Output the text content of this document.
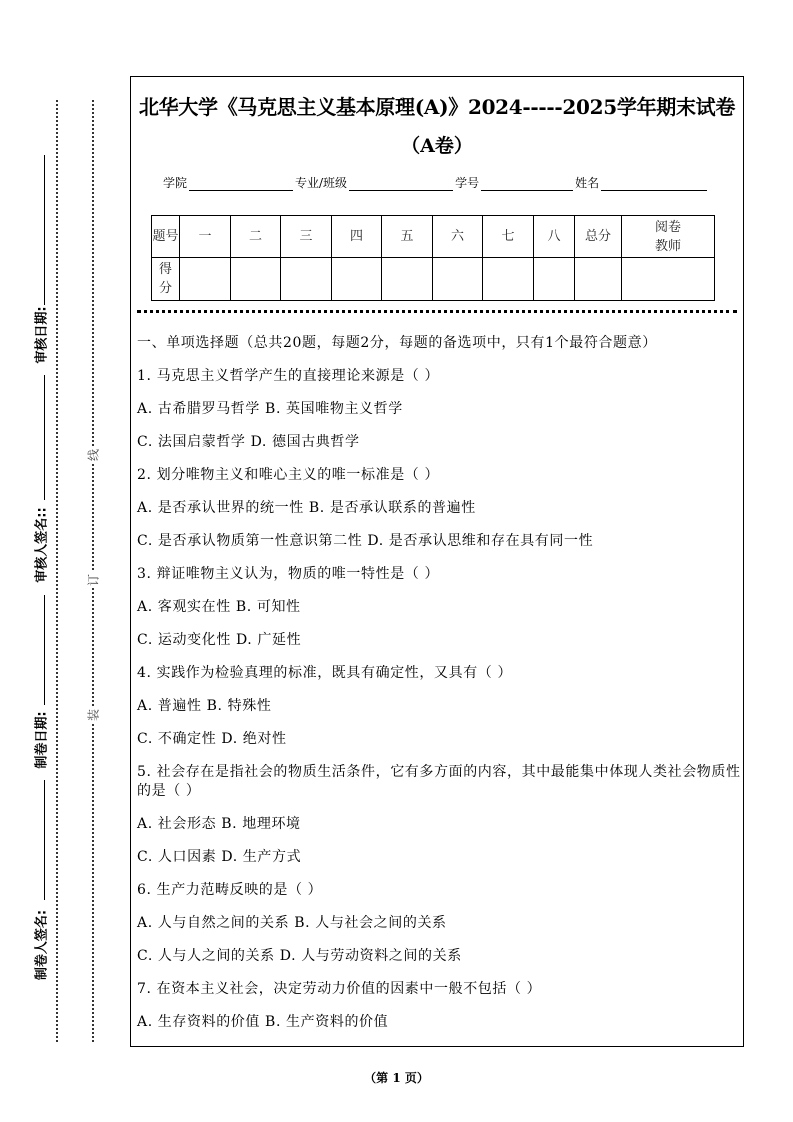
审核日期:
审核人签名::
制卷日期:
制卷人签名:
线
订
装
北华大学《马克思主义基本原理(A)》2024-----2025学年期末试卷
（A卷）
学院	专业/班级	学号	姓名
题号	一	二	三	四	五	六	七	八	总分	阅卷教师
得分										

一、单项选择题（总共20题，每题2分，每题的备选项中，只有1个最符合题意）

1. 马克思主义哲学产生的直接理论来源是（ ）

A. 古希腊罗马哲学 B. 英国唯物主义哲学

C. 法国启蒙哲学 D. 德国古典哲学

2. 划分唯物主义和唯心主义的唯一标准是（ ）

A. 是否承认世界的统一性 B. 是否承认联系的普遍性

C. 是否承认物质第一性意识第二性 D. 是否承认思维和存在具有同一性

3. 辩证唯物主义认为，物质的唯一特性是（ ）

A. 客观实在性 B. 可知性

C. 运动变化性 D. 广延性

4. 实践作为检验真理的标准，既具有确定性，又具有（ ）

A. 普遍性 B. 特殊性

C. 不确定性 D. 绝对性

5. 社会存在是指社会的物质生活条件，它有多方面的内容，其中最能集中体现人类社会物质性的是（ ）

A. 社会形态 B. 地理环境

C. 人口因素 D. 生产方式

6. 生产力范畴反映的是（ ）

A. 人与自然之间的关系 B. 人与社会之间的关系

C. 人与人之间的关系 D. 人与劳动资料之间的关系

7. 在资本主义社会，决定劳动力价值的因素中一般不包括（ ）

A. 生存资料的价值 B. 生产资料的价值

（第 1 页）
